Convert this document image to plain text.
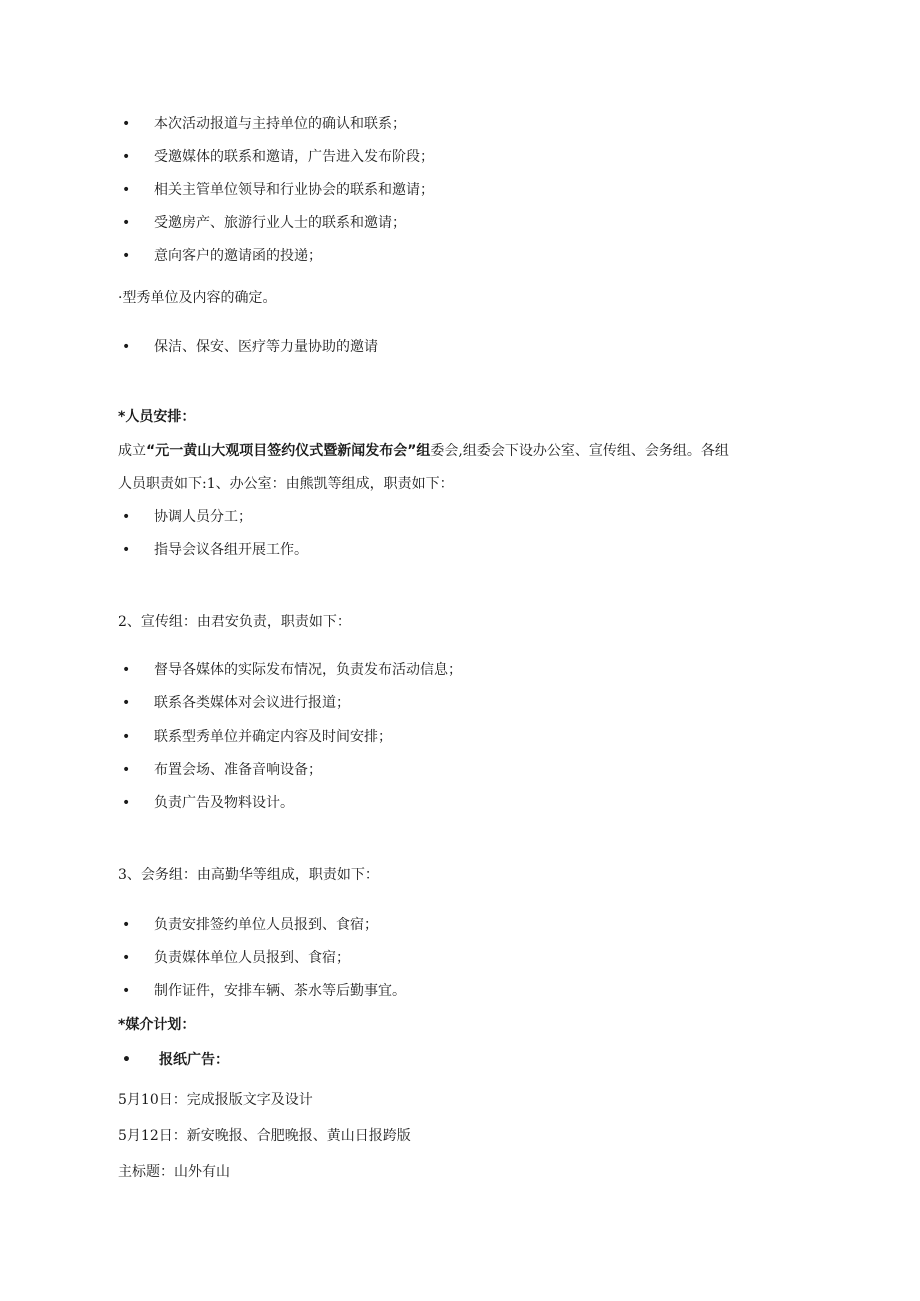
• 本次活动报道与主持单位的确认和联系；
• 受邀媒体的联系和邀请，广告进入发布阶段；
• 相关主管单位领导和行业协会的联系和邀请；
• 受邀房产、旅游行业人士的联系和邀请；
• 意向客户的邀请函的投递；
·型秀单位及内容的确定。
• 保洁、保安、医疗等力量协助的邀请
*人员安排：
成立“元一黄山大观项目签约仪式暨新闻发布会”组委会,组委会下设办公室、宣传组、会务组。各组
人员职责如下:1、办公室：由熊凯等组成，职责如下：
• 协调人员分工；
• 指导会议各组开展工作。
2、宣传组：由君安负责，职责如下：
• 督导各媒体的实际发布情况，负责发布活动信息；
• 联系各类媒体对会议进行报道；
• 联系型秀单位并确定内容及时间安排；
• 布置会场、准备音响设备；
• 负责广告及物料设计。
3、会务组：由高勤华等组成，职责如下：
• 负责安排签约单位人员报到、食宿；
• 负责媒体单位人员报到、食宿；
• 制作证件，安排车辆、茶水等后勤事宜。
*媒介计划：
• 报纸广告：
5月10日：完成报版文字及设计
5月12日：新安晚报、合肥晚报、黄山日报跨版
主标题：山外有山
